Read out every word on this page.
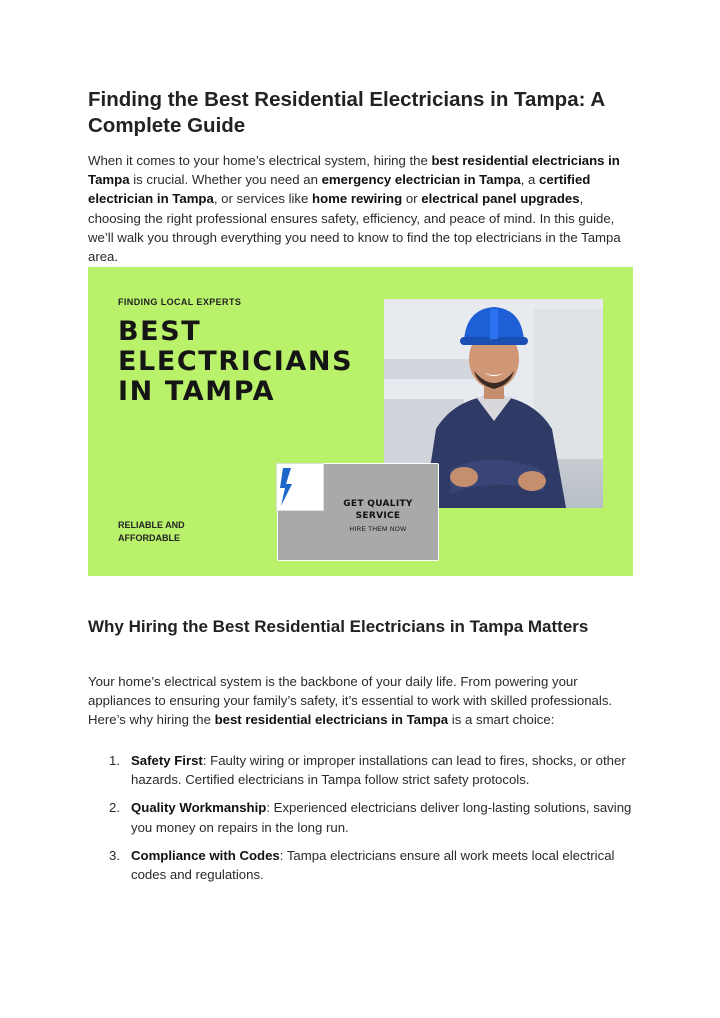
Finding the Best Residential Electricians in Tampa: A Complete Guide

When it comes to your home’s electrical system, hiring the best residential electricians in Tampa is crucial. Whether you need an emergency electrician in Tampa, a certified electrician in Tampa, or services like home rewiring or electrical panel upgrades, choosing the right professional ensures safety, efficiency, and peace of mind. In this guide, we’ll walk you through everything you need to know to find the top electricians in the Tampa area.

FINDING LOCAL EXPERTS
BEST
ELECTRICIANS
IN TAMPA
RELIABLE AND AFFORDABLE
GET QUALITY SERVICE
HIRE THEM NOW
Why Hiring the Best Residential Electricians in Tampa Matters

Your home’s electrical system is the backbone of your daily life. From powering your appliances to ensuring your family’s safety, it’s essential to work with skilled professionals. Here’s why hiring the best residential electricians in Tampa is a smart choice:

1. Safety First: Faulty wiring or improper installations can lead to fires, shocks, or other hazards. Certified electricians in Tampa follow strict safety protocols.
2. Quality Workmanship: Experienced electricians deliver long-lasting solutions, saving you money on repairs in the long run.
3. Compliance with Codes: Tampa electricians ensure all work meets local electrical codes and regulations.
